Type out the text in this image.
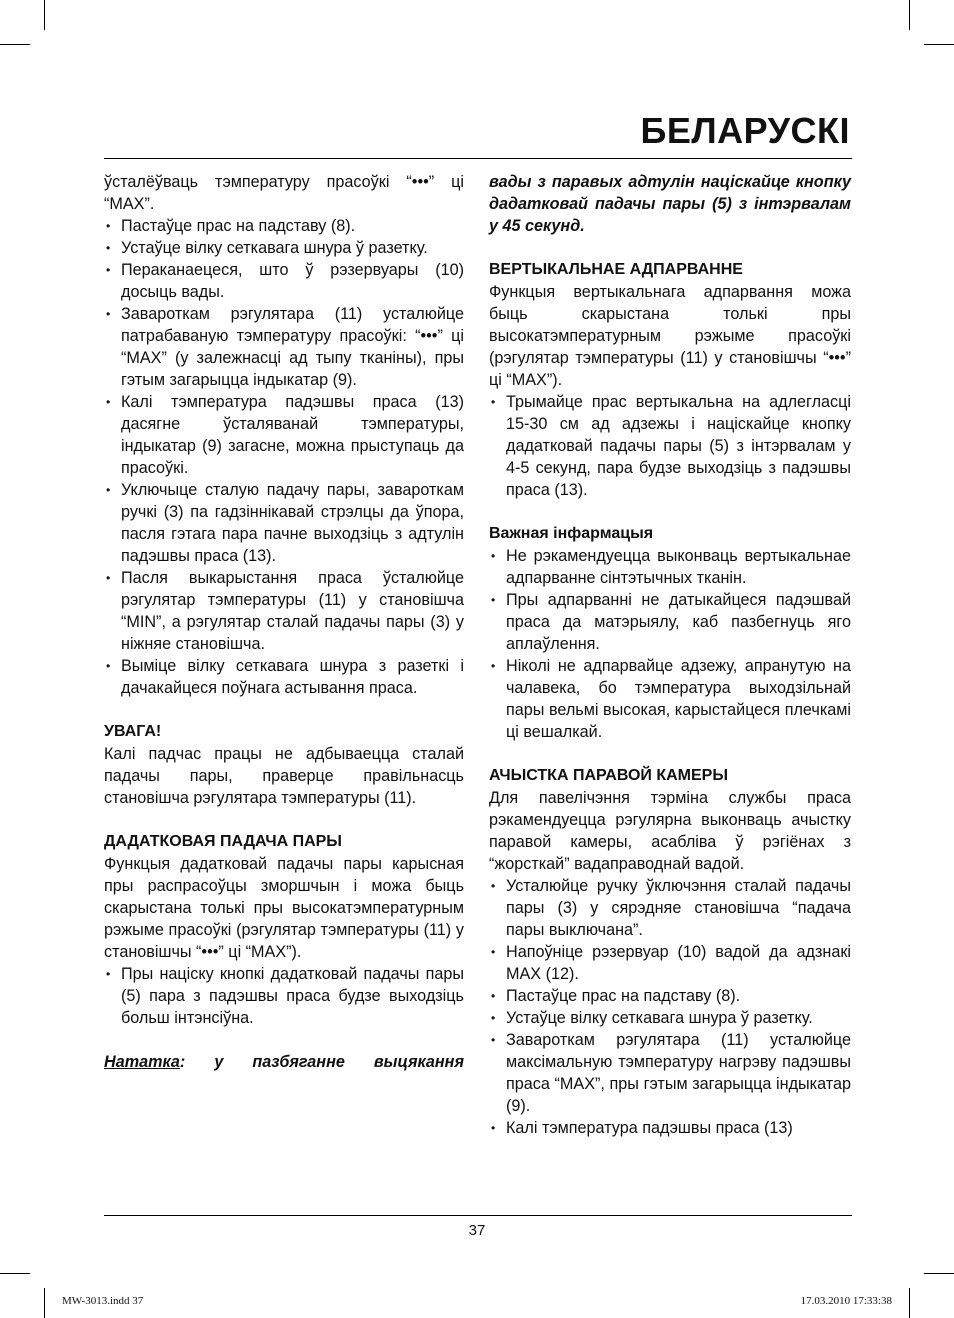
БЕЛАРУСКІ

ўсталёўваць тэмпературу прасоўкі “•••” ці “МАХ”.

• Пастаўце прас на падставу (8).
• Устаўце вілку сеткавага шнура ў разетку.
• Пераканаецеся, што ў рэзервуары (10) досыць вады.
• Завароткам рэгулятара (11) усталюйце патрабаваную тэмпературу прасоўкі: “•••” ці “МАХ” (у залежнасці ад тыпу тканіны), пры гэтым загарыцца індыкатар (9).
• Калі тэмпература падэшвы праса (13) дасягне ўсталяванай тэмпературы, індыкатар (9) загасне, можна прыступаць да прасоўкі.
• Уключыце сталую падачу пары, завароткам ручкі (3) па гадзіннікавай стрэлцы да ўпора, пасля гэтага пара пачне выходзіць з адтулін падэшвы праса (13).
• Пасля выкарыстання праса ўсталюйце рэгулятар тэмпературы (11) у становішча “MIN”, а рэгулятар сталай падачы пары (3) у ніжняе становішча.
• Выміце вілку сеткавага шнура з разеткі і дачакайцеся поўнага астывання праса.
УВАГА!

Калі падчас працы не адбываецца сталай падачы пары, праверце правільнасць становішча рэгулятара тэмпературы (11).

ДАДАТКОВАЯ ПАДАЧА ПАРЫ

Функцыя дадатковай падачы пары карысная пры распрасоўцы зморшчын і можа быць скарыстана толькі пры высокатэмпературным рэжыме прасоўкі (рэгулятар тэмпературы (11) у становішчы “•••” ці “МАХ”).

• Пры націску кнопкі дадатковай падачы пары (5) пара з падэшвы праса будзе выходзіць больш інтэнсіўна.

Нататка: у пазбяганне выцякання

вады з паравых адтулін націскайце кнопку дадатковай падачы пары (5) з інтэрвалам у 45 секунд.

ВЕРТЫКАЛЬНАЕ АДПАРВАННЕ

Функцыя вертыкальнага адпарвання можа быць скарыстана толькі пры высокатэмпературным рэжыме прасоўкі (рэгулятар тэмпературы (11) у становішчы “•••” ці “МАХ”).

• Трымайце прас вертыкальна на адлегласці 15-30 см ад адзежы і націскайце кнопку дадатковай падачы пары (5) з інтэрвалам у 4-5 секунд, пара будзе выходзіць з падэшвы праса (13).
Важная інфармацыя
• Не рэкамендуецца выконваць вертыкальнае адпарванне сінтэтычных тканін.
• Пры адпарванні не датыкайцеся падэшвай праса да матэрыялу, каб пазбегнуць яго аплаўлення.
• Ніколі не адпарвайце адзежу, апранутую на чалавека, бо тэмпература выходзільнай пары вельмі высокая, карыстайцеся плечкамі ці вешалкай.
АЧЫСТКА ПАРАВОЙ КАМЕРЫ

Для павелічэння тэрміна службы праса рэкамендуецца рэгулярна выконваць ачыстку паравой камеры, асабліва ў рэгіёнах з “жорсткай” вадаправоднай вадой.

• Усталюйце ручку ўключэння сталай падачы пары (3) у сярэдняе становішча “падача пары выключана”.
• Напоўніце рэзервуар (10) вадой да адзнакі МАХ (12).
• Пастаўце прас на падставу (8).
• Устаўце вілку сеткавага шнура ў разетку.
• Завароткам рэгулятара (11) усталюйце максімальную тэмпературу нагрэву падэшвы праса “МАХ”, пры гэтым загарыцца індыкатар (9).
• Калі тэмпература падэшвы праса (13)
37
MW-3013.indd 37	17.03.2010 17:33:38
